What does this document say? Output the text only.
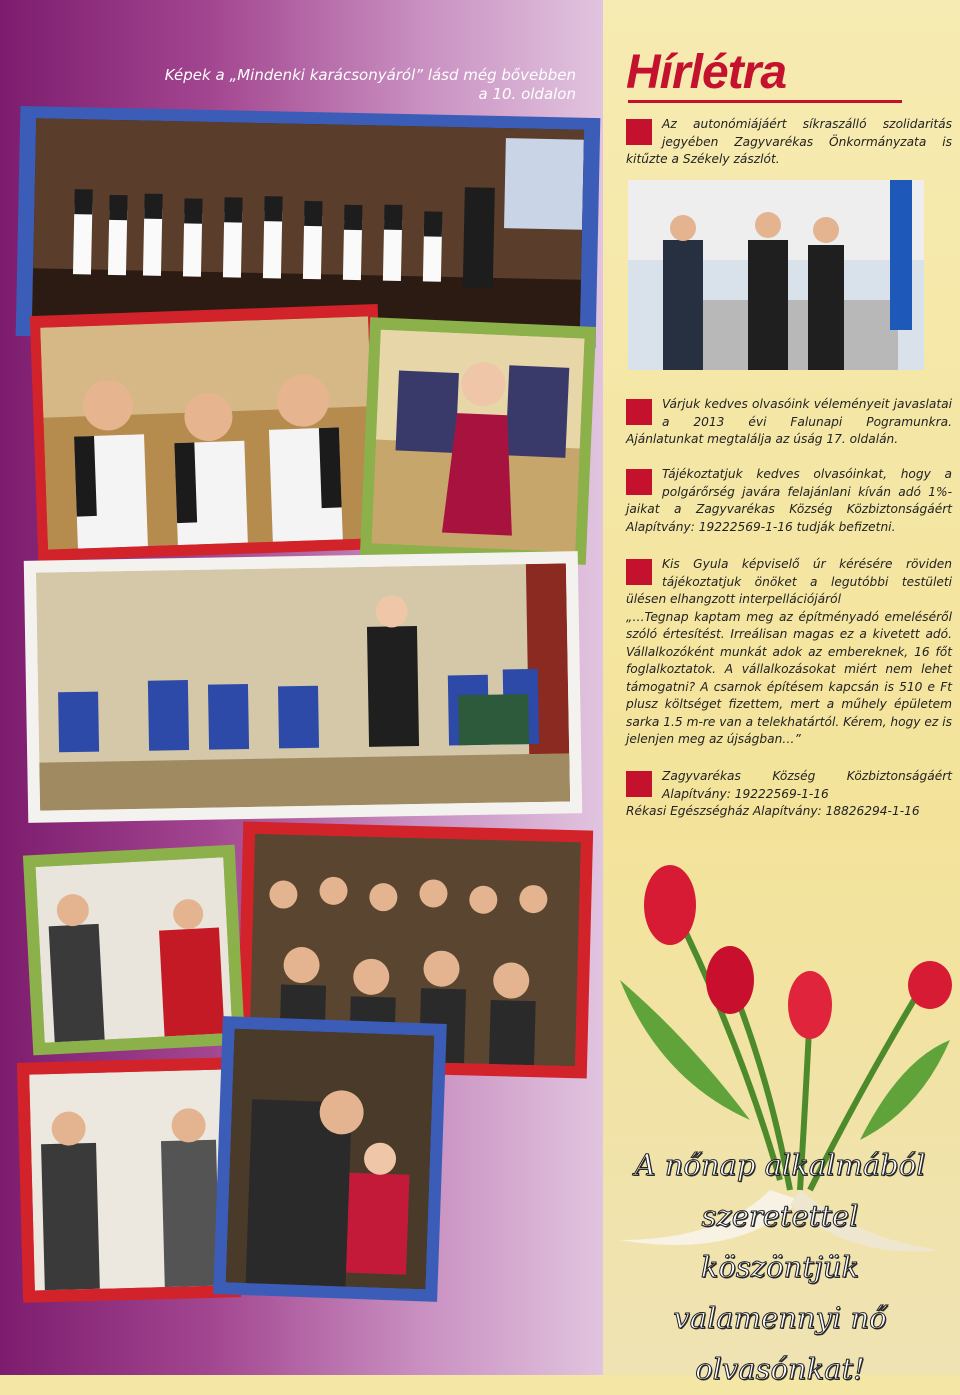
Képek a „Mindenki karácsonyáról” lásd még bővebben
a 10. oldalon Hírlétra
Az autonómiájáért síkraszálló szolidaritás jegyében Zagyvarékas Önkormányzata is kitűzte a Székely zászlót.
Várjuk kedves olvasóink véleményeit javaslatai a 2013 évi Falunapi Pogramunkra. Ajánlatunkat megtalálja az úság 17. oldalán.
Tájékoztatjuk kedves olvasóinkat, hogy a polgárőrség javára felajánlani kíván adó 1%-jaikat a Zagyvarékas Község Közbiztonságáért Alapítvány: 19222569-1-16 tudják befizetni.
Kis Gyula képviselő úr kérésére röviden tájékoztatjuk önöket a legutóbbi testületi ülésen elhangzott interpellációjáról
„…Tegnap kaptam meg az építményadó emeléséről szóló értesítést. Irreálisan magas ez a kivetett adó. Vállalkozóként munkát adok az embereknek, 16 főt foglalkoztatok. A vállalkozásokat miért nem lehet támogatni? A csarnok építésem kapcsán is 510 e Ft plusz költséget fizettem, mert a műhely épületem sarka 1.5 m-re van a telekhatártól. Kérem, hogy ez is jelenjen meg az újságban…”
Zagyvarékas Község Közbiztonságáért Alapítvány: 19222569-1-16
Rékasi Egészségház Alapítvány: 18826294-1-16
A nőnap alkalmából
szeretettel köszöntjük
valamennyi nő
olvasónkat!
